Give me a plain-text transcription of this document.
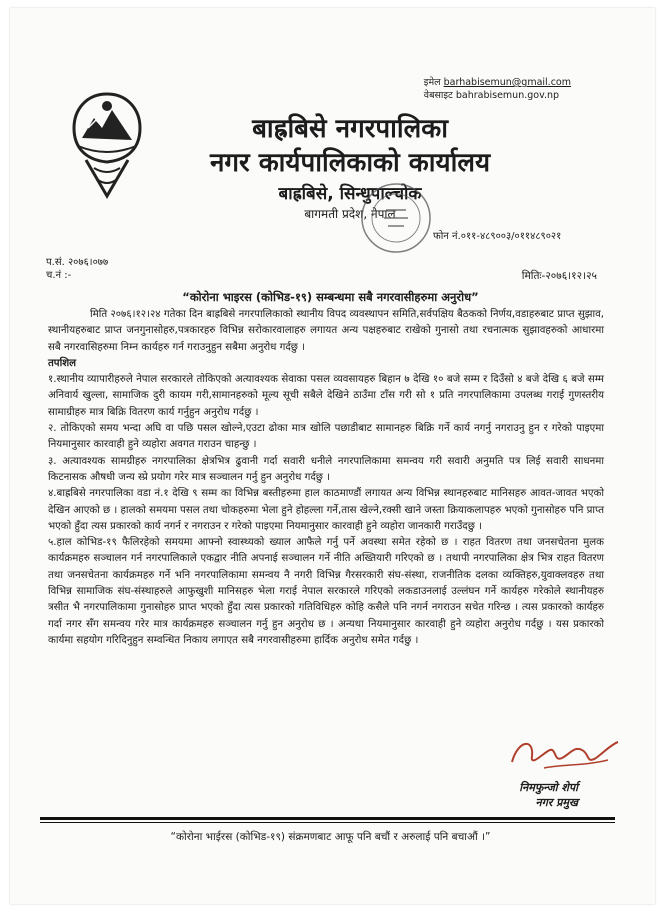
इमेल barhabisemun@gmail.com
वेबसाइट bahrabisemun.gov.np
बाह्रबिसे नगरपालिका
नगर कार्यपालिकाको कार्यालय
बाह्रबिसे, सिन्धुपाल्चोक
बागमती प्रदेश, नेपाल
फोन नं.०११-४८९००३/०११४८९०२१
प.सं. २०७६।०७७
च.नं :-	मितिः-२०७६।१२।२५
“कोरोना भाइरस (कोभिड-१९) सम्बन्धमा सबै नगरवासीहरुमा अनुरोध”

मिति २०७६।१२।२४ गतेका दिन बाह्रबिसे नगरपालिकाको स्थानीय विपद व्यवस्थापन समिति,सर्वपक्षिय बैठकको निर्णय,वडाहरुबाट प्राप्त सुझाव, स्थानीयहरुबाट प्राप्त जनगुनासोहरु,पत्रकारहरु विभिन्न सरोकारवालाहरु लगायत अन्य पक्षहरुबाट राखेको गुनासो तथा रचनात्मक सुझावहरुको आधारमा सबै नगरवासिहरुमा निम्न कार्यहरु गर्न गराउनुहुन सबैमा अनुरोध गर्दछु ।

तपशिल

१.स्थानीय व्यापारीहरुले नेपाल सरकारले तोकिएको अत्यावश्यक सेवाका पसल व्यवसायहरु बिहान ७ देखि १० बजे सम्म र दिउँसो ४ बजे देखि ६ बजे सम्म अनिवार्य खुल्ला, सामाजिक दुरी कायम गरी,सामानहरुको मूल्य सूची सबैले देखिने ठाउँमा टाँस गरी सो १ प्रति नगरपालिकामा उपलब्ध गराई गुणस्तरीय सामाग्रीहरु मात्र बिक्रि वितरण कार्य गर्नुहुन अनुरोध गर्दछु ।

२. तोकिएको समय भन्दा अघि वा पछि पसल खोल्ने,एउटा ढोका मात्र खोलि पछाडीबाट सामानहरु बिक्रि गर्ने कार्य नगर्नु नगराउनु हुन र गरेको पाइएमा नियमानुसार कारवाही हुने व्यहोरा अवगत गराउन चाहन्छु ।

३. अत्यावश्यक सामग्रीहरु नगरपालिका क्षेत्रभित्र ढुवानी गर्दा सवारी धनीले नगरपालिकामा समन्वय गरी सवारी अनुमति पत्र लिई सवारी साधनमा किटनासक औषधी जन्य स्प्रे प्रयोग गरेर मात्र सञ्चालन गर्नु हुन अनुरोध गर्दछु ।

४.बाह्रबिसे नगरपालिका वडा नं.१ देखि ९ सम्म का विभिन्न बस्तीहरुमा हाल काठमाण्डौं लगायत अन्य विभिन्न स्थानहरुबाट मानिसहरु आवत-जावत भएको देखिन आएको छ । हालको समयमा पसल तथा चोकहरुमा भेला हुने होहल्ला गर्ने,तास खेल्ने,रक्सी खाने जस्ता क्रियाकलापहरु भएको गुनासोहरु पनि प्राप्त भएको हुँदा त्यस प्रकारको कार्य नगर्न र नगराउन र गरेको पाइएमा नियमानुसार कारवाही हुने व्यहोरा जानकारी गराउँदछु ।

५.हाल कोभिड-१९ फैलिरहेको समयमा आफ्नो स्वास्थ्यको ख्याल आफैले गर्नु पर्ने अवस्था समेत रहेको छ । राहत वितरण तथा जनसचेतना मुलक कार्यक्रमहरु सञ्चालन गर्न नगरपालिकाले एकद्वार नीति अपनाई सञ्चालन गर्ने नीति अख्तियारी गरिएको छ । तथापी नगरपालिका क्षेत्र भित्र राहत वितरण तथा जनसचेतना कार्यक्रमहरु गर्ने भनि नगरपालिकामा समन्वय नै नगरी विभिन्न गैरसरकारी संघ-संस्था, राजनीतिक दलका व्यक्तिहरु,युवाक्लवहरु तथा विभिन्न सामाजिक संघ-संस्थाहरुले आफुखुशी मानिसहरु भेला गराई नेपाल सरकारले गरिएको लकडाउनलाई उल्लंघन गर्ने कार्यहरु गरेकोले स्थानीयहरु त्रसीत भै नगरपालिकामा गुनासोहरु प्राप्त भएको हुँदा त्यस प्रकारको गतिविधिहरु कोहि कसैले पनि नगर्न नगराउन सचेत गरिन्छ । त्यस प्रकारको कार्यहरु गर्दा नगर सँग समन्वय गरेर मात्र कार्यक्रमहरु सञ्चालन गर्नु हुन अनुरोध छ । अन्यथा नियमानुसार कारवाही हुने व्यहोरा अनुरोध गर्दछु । यस प्रकारको कार्यमा सहयोग गरिदिनुहुन सम्वन्धित निकाय लगाएत सबै नगरवासीहरुमा हार्दिक अनुरोध समेत गर्दछु ।

निमफुन्जो शेर्पा
नगर प्रमुख
“कोरोना भाईरस (कोभिड-१९) संक्रमणबाट आफू पनि बचौं र अरुलाई पनि बचाऔं ।”
